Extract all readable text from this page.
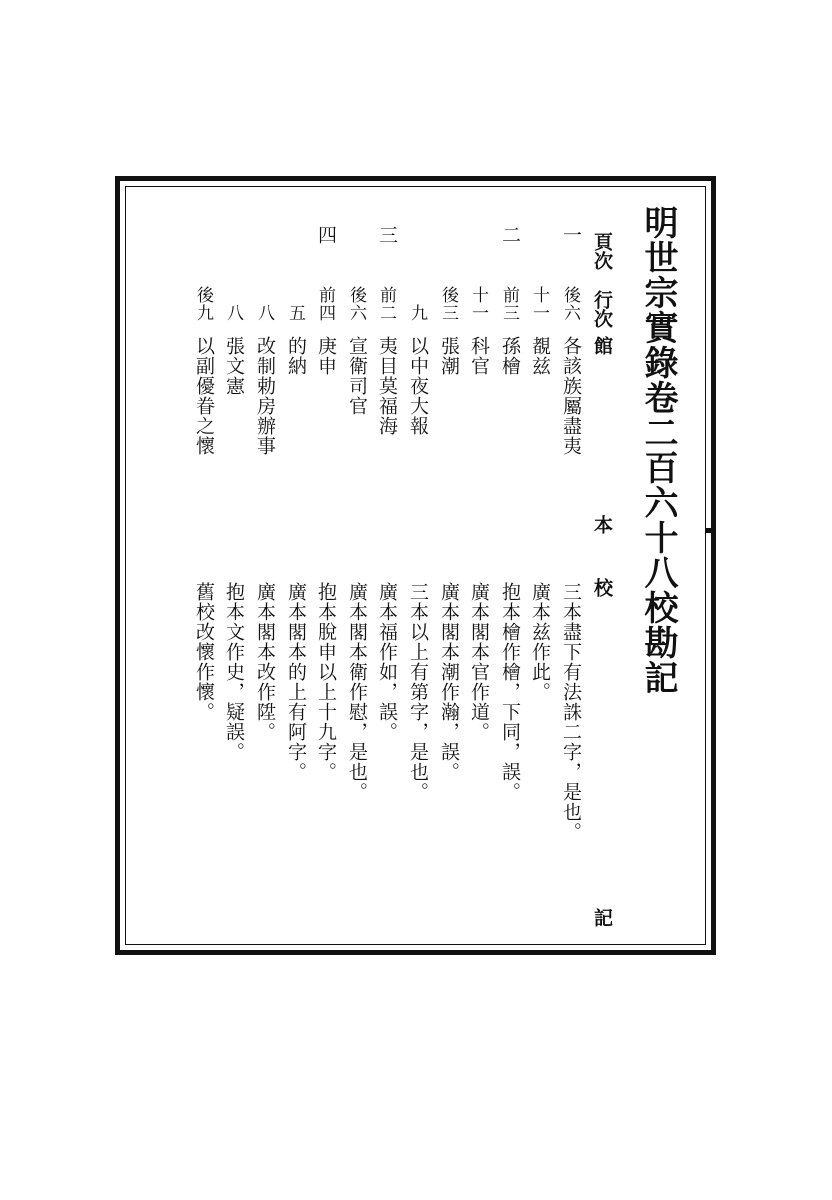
明世宗實錄卷二百六十八校勘記
頁次
行次
館
本
校
記
一
後六
各該族屬盡夷
三本盡下有法誅二字，是也。
十一
覩兹
廣本兹作此。
二
前三
孫檜
抱本檜作檜，下同，誤。
十一
科官
廣本閣本官作道。
後三
張潮
廣本閣本潮作瀚，誤。
九
以中夜大報
三本以上有第字，是也。
三
前二
夷目莫福海
廣本福作如，誤。
後六
宣衛司官
廣本閣本衛作慰，是也。
四
前四
庚申
抱本脫申以上十九字。
五
的納
廣本閣本的上有阿字。
八
改制勅房辦事
廣本閣本改作陞。
八
張文憲
抱本文作史，疑誤。
後九
以副優眷之懷
舊校改懷作懷。
